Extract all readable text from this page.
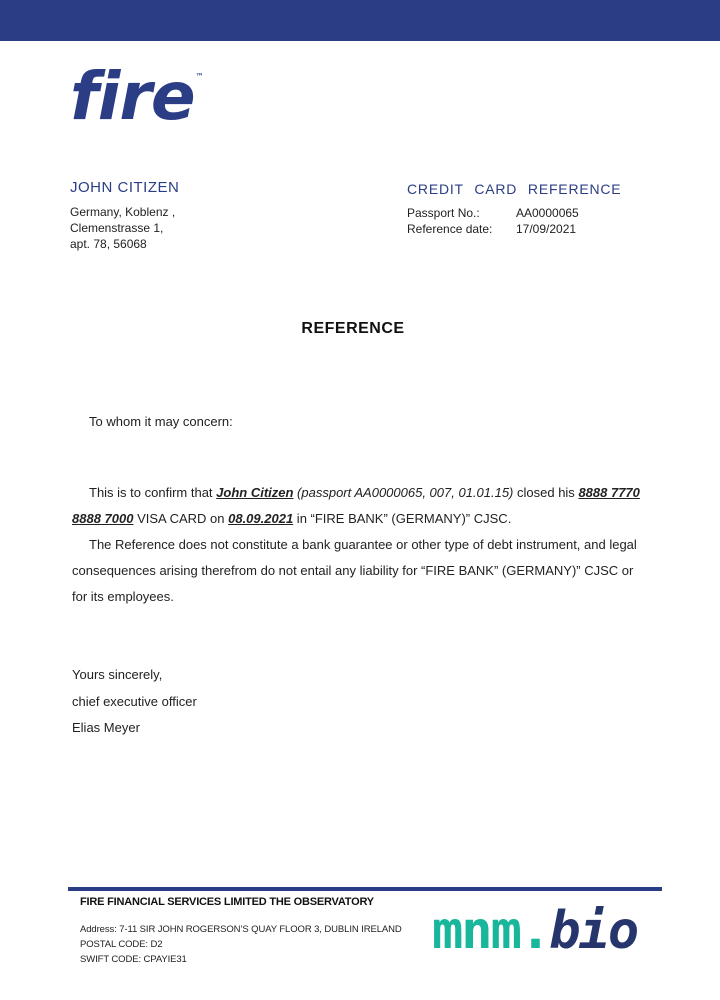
fire™
JOHN CITIZEN
Germany, Koblenz ,
Clemenstrasse 1,
apt. 78, 56068
CREDIT CARD REFERENCE
Passport No.:	AA0000065
Reference date: 17/09/2021
REFERENCE
To whom it may concern:

This is to confirm that John Citizen (passport AA0000065, 007, 01.01.15) closed his 8888 7770 8888 7000 VISA CARD on 08.09.2021 in “FIRE BANK” (GERMANY)” CJSC.

The Reference does not constitute a bank guarantee or other type of debt instrument, and legal consequences arising therefrom do not entail any liability for “FIRE BANK” (GERMANY)” CJSC or for its employees.

Yours sincerely,
chief executive officer
Elias Meyer
FIRE FINANCIAL SERVICES LIMITED THE OBSERVATORY
Address: 7-11 SIR JOHN ROGERSON’S QUAY FLOOR 3, DUBLIN IRELAND
POSTAL CODE: D2
SWIFT CODE: CPAYIE31	mnm.bio
